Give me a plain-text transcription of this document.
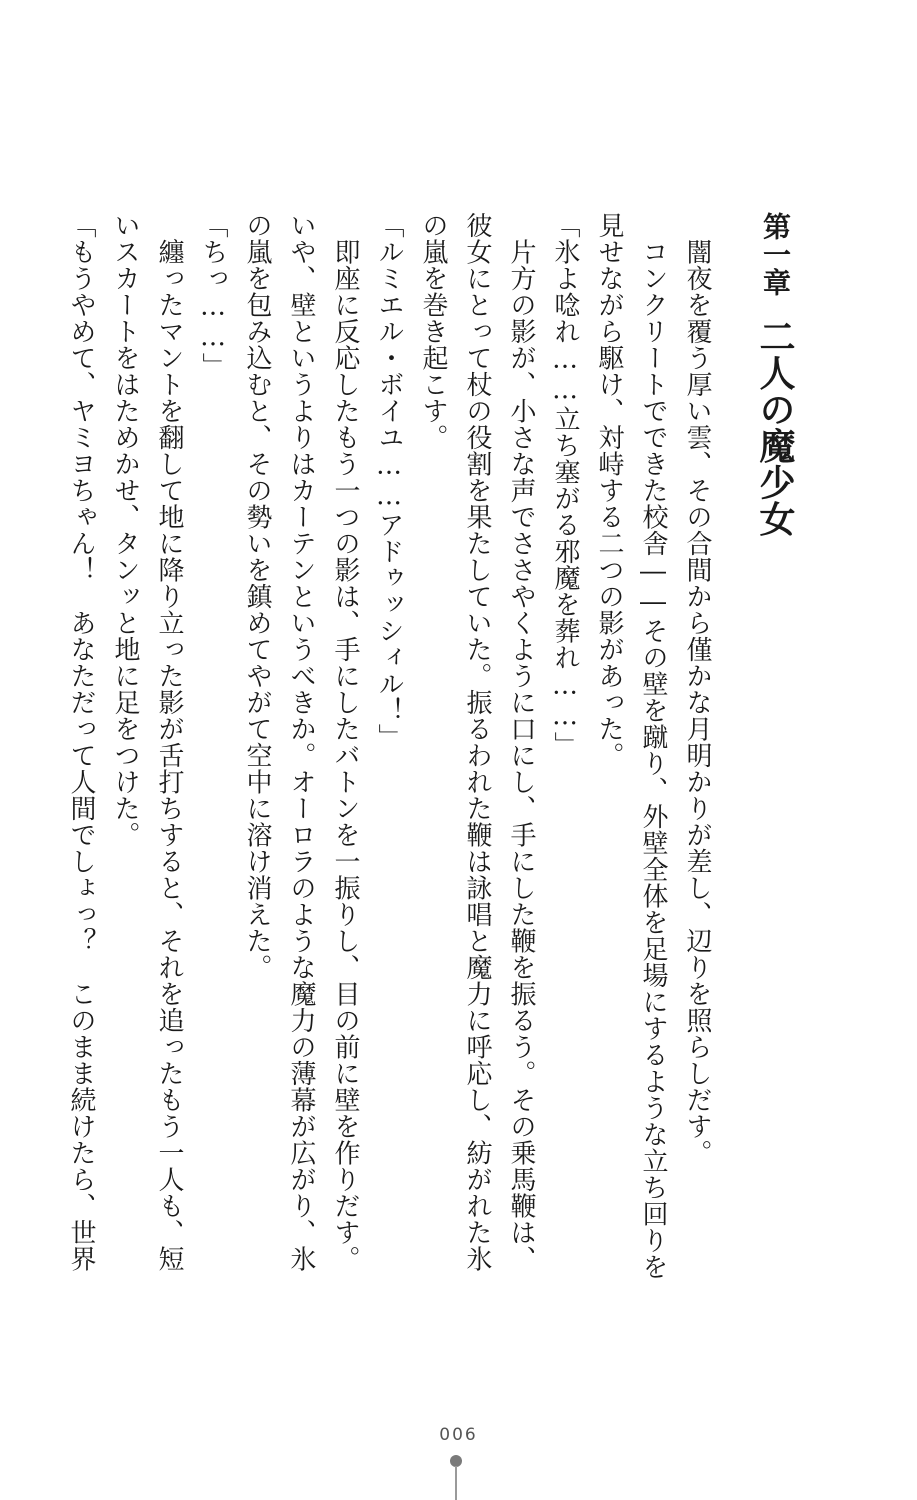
第一章二人の魔少女
　闇夜を覆う厚い雲、その合間から僅かな月明かりが差し、辺りを照らしだす。
　コンクリートでできた校舎――その壁を蹴り、外壁全体を足場にするような立ち回りを
見せながら駆け、対峙する二つの影があった。
「氷よ唸れ……立ち塞がる邪魔を葬れ……」
　片方の影が、小さな声でささやくように口にし、手にした鞭を振るう。その乗馬鞭は、
彼女にとって杖の役割を果たしていた。振るわれた鞭は詠唱と魔力に呼応し、紡がれた氷
の嵐を巻き起こす。
「ルミエル・ボイユ……アドゥッシィル！」
　即座に反応したもう一つの影は、手にしたバトンを一振りし、目の前に壁を作りだす。
いや、壁というよりはカーテンというべきか。オーロラのような魔力の薄幕が広がり、氷
の嵐を包み込むと、その勢いを鎮めてやがて空中に溶け消えた。
「ちっ……」
　纏ったマントを翻して地に降り立った影が舌打ちすると、それを追ったもう一人も、短
いスカートをはためかせ、タンッと地に足をつけた。
「もうやめて、ヤミヨちゃん！　あなただって人間でしょっ？　このまま続けたら、世界
006
